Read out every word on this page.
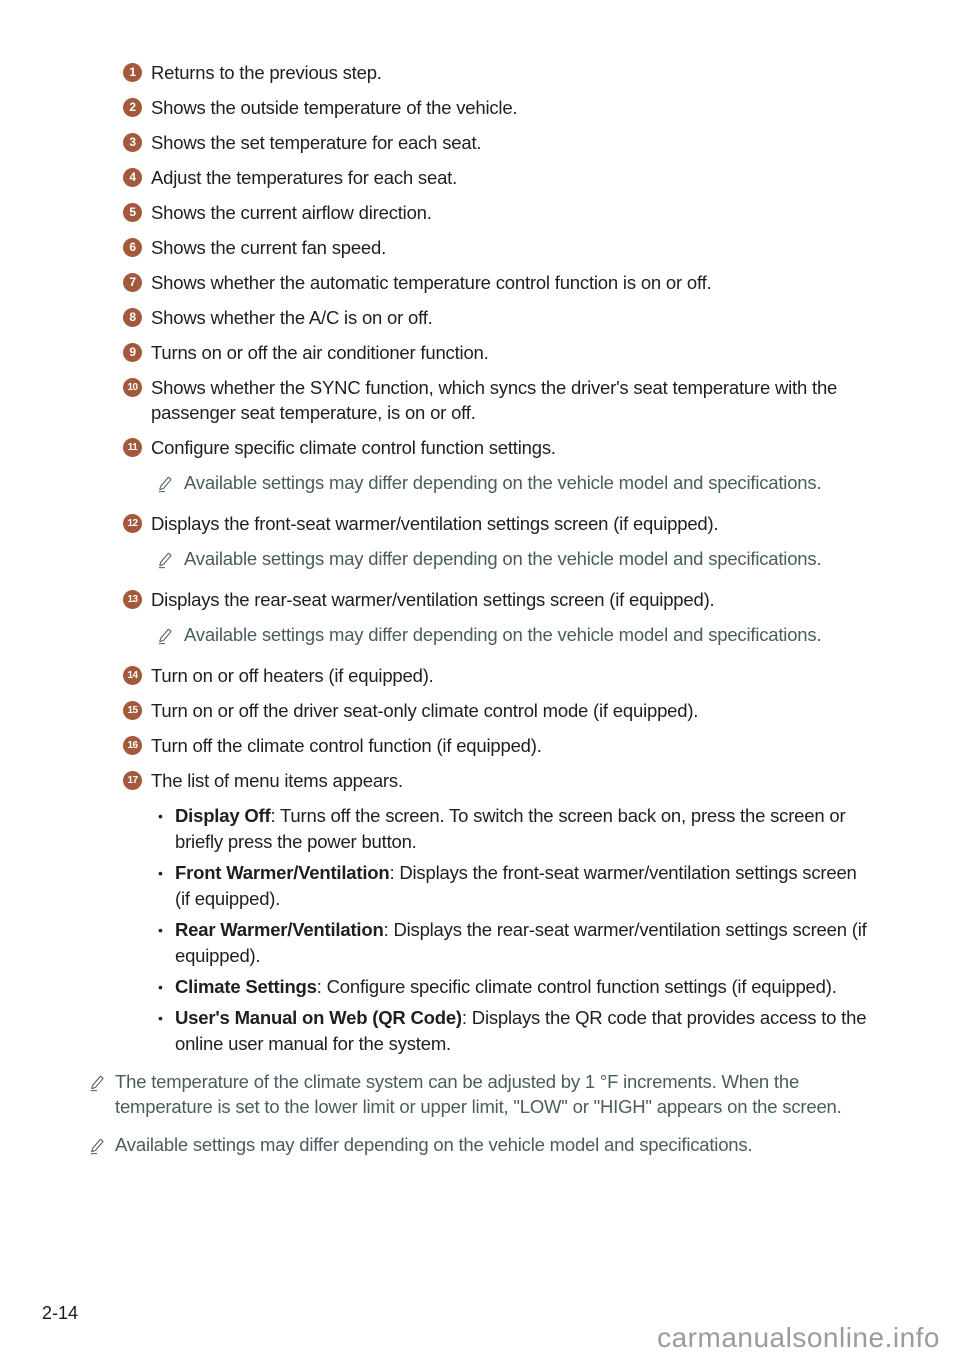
1 Returns to the previous step.
2 Shows the outside temperature of the vehicle.
3 Shows the set temperature for each seat.
4 Adjust the temperatures for each seat.
5 Shows the current airflow direction.
6 Shows the current fan speed.
7 Shows whether the automatic temperature control function is on or off.
8 Shows whether the A/C is on or off.
9 Turns on or off the air conditioner function.
10 Shows whether the SYNC function, which syncs the driver's seat temperature with the passenger seat temperature, is on or off.
11 Configure specific climate control function settings.
Available settings may differ depending on the vehicle model and specifications.
12 Displays the front-seat warmer/ventilation settings screen (if equipped).
Available settings may differ depending on the vehicle model and specifications.
13 Displays the rear-seat warmer/ventilation settings screen (if equipped).
Available settings may differ depending on the vehicle model and specifications.
14 Turn on or off heaters (if equipped).
15 Turn on or off the driver seat-only climate control mode (if equipped).
16 Turn off the climate control function (if equipped).
17 The list of menu items appears.
• Display Off: Turns off the screen. To switch the screen back on, press the screen or briefly press the power button.
• Front Warmer/Ventilation: Displays the front-seat warmer/ventilation settings screen (if equipped).
• Rear Warmer/Ventilation: Displays the rear-seat warmer/ventilation settings screen (if equipped).
• Climate Settings: Configure specific climate control function settings (if equipped).
• User's Manual on Web (QR Code): Displays the QR code that provides access to the online user manual for the system.
The temperature of the climate system can be adjusted by 1 °F increments. When the temperature is set to the lower limit or upper limit, "LOW" or "HIGH" appears on the screen.
Available settings may differ depending on the vehicle model and specifications.
2-14
carmanualsonline.info
